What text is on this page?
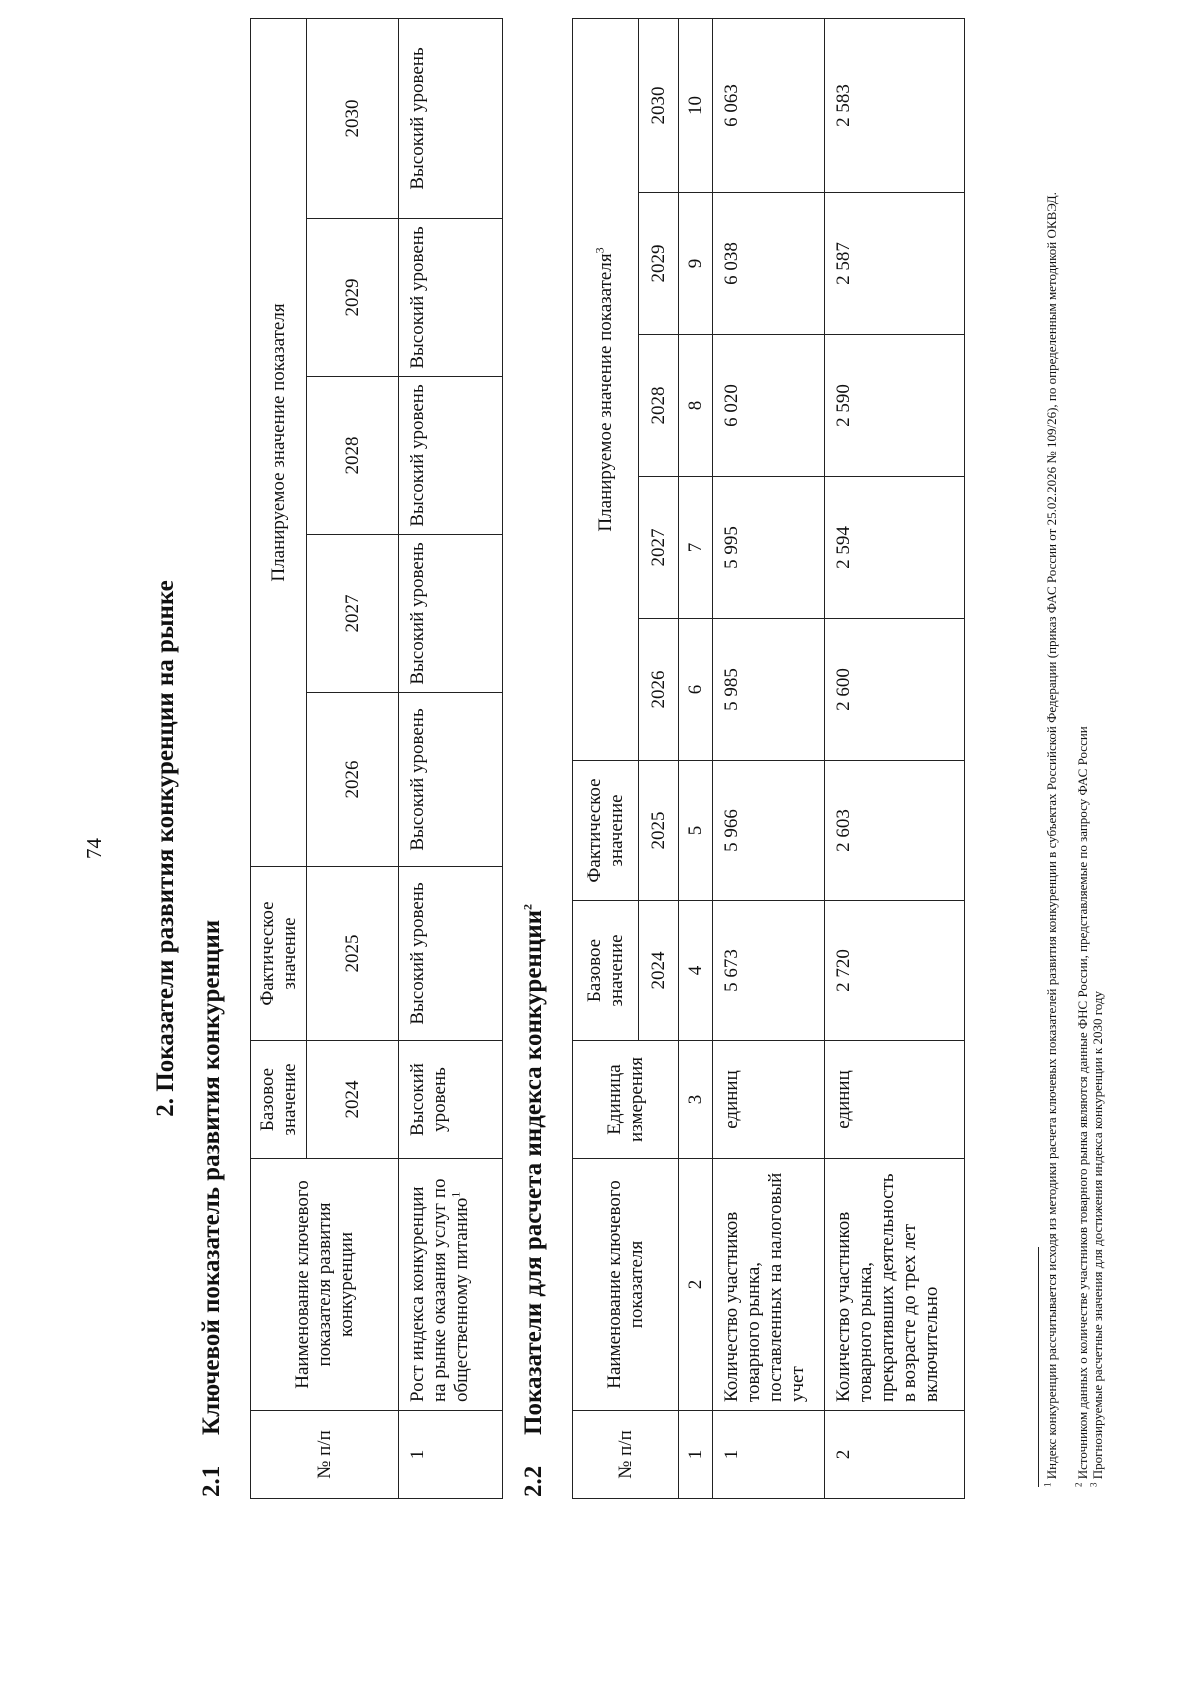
74 2. Показатели развития конкуренции на рынке
2.1Ключевой показатель развития конкуренции
№ п/п	Наименование ключевого показателя развития конкуренции	Базовое значение	Фактическое значение	Планируемое значение показателя				
		2024	2025	2026	2027	2028	2029	2030
1	Рост индекса конкуренции на рынке оказания услуг по общественному питанию$^1$	Высокий уровень	Высокий уровень	Высокий уровень	Высокий уровень	Высокий уровень	Высокий уровень	Высокий уровень
2.2Показатели для расчета индекса конкуренции$^2$
№ п/п	Наименование ключевого показателя	Единица измерения	Базовое значение	Фактическое значение	Планируемое значение показателя$^3$
			2024	2025	2026	2027	2028	2029	2030
1	2	3	4	5	6	7	8	9	10
1	Количество участников товарного рынка, поставленных на налоговый учет	единиц	5 673	5 966	5 985	5 995	6 020	6 038	6 063
2	Количество участников товарного рынка, прекративших деятельность в возрасте до трех лет включительно	единиц	2 720	2 603	2 600	2 594	2 590	2 587	2 583
$^1$ Индекс конкуренции рассчитывается исходя из методики расчета ключевых показателей развития конкуренции в субъектах Российской Федерации (приказ ФАС России от 25.02.2026 № 109/26), по определенным методикой ОКВЭД.
$^2$ Источником данных о количестве участников товарного рынка являются данные ФНС России, представляемые по запросу ФАС России
$^3$ Прогнозируемые расчетные значения для достижения индекса конкуренции к 2030 году
